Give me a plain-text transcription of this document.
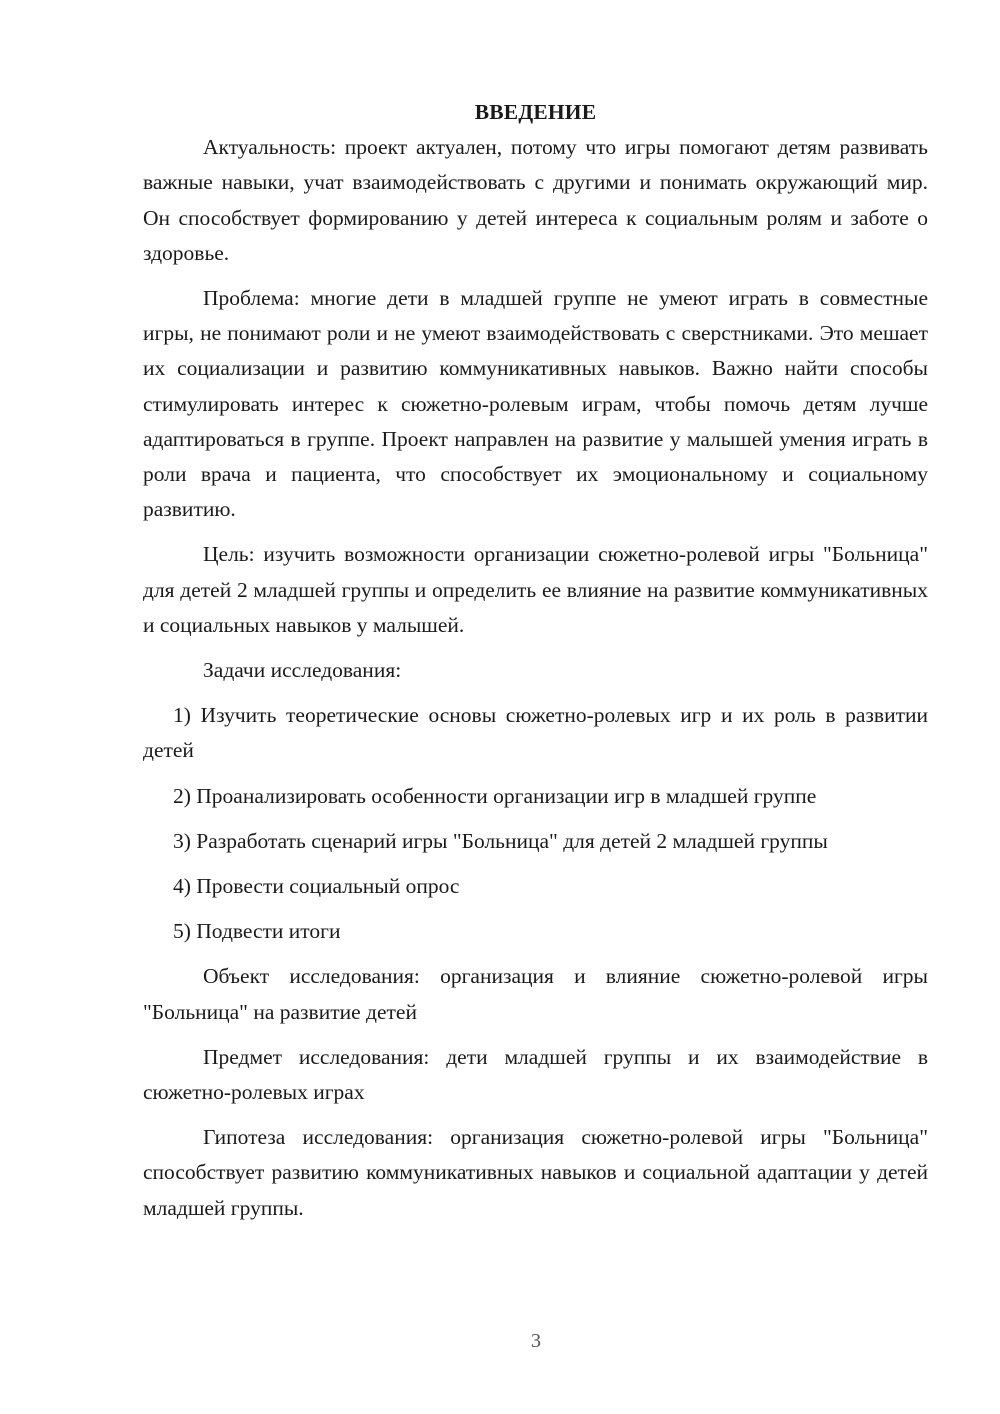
ВВЕДЕНИЕ

Актуальность: проект актуален, потому что игры помогают детям развивать важные навыки, учат взаимодействовать с другими и понимать окружающий мир. Он способствует формированию у детей интереса к социальным ролям и заботе о здоровье.

Проблема: многие дети в младшей группе не умеют играть в совместные игры, не понимают роли и не умеют взаимодействовать с сверстниками. Это мешает их социализации и развитию коммуникативных навыков. Важно найти способы стимулировать интерес к сюжетно-ролевым играм, чтобы помочь детям лучше адаптироваться в группе. Проект направлен на развитие у малышей умения играть в роли врача и пациента, что способствует их эмоциональному и социальному развитию.

Цель: изучить возможности организации сюжетно-ролевой игры "Больница" для детей 2 младшей группы и определить ее влияние на развитие коммуникативных и социальных навыков у малышей.

Задачи исследования:

1) Изучить теоретические основы сюжетно-ролевых игр и их роль в развитии детей

2) Проанализировать особенности организации игр в младшей группе

3) Разработать сценарий игры "Больница" для детей 2 младшей группы

4) Провести социальный опрос

5) Подвести итоги

Объект исследования: организация и влияние сюжетно-ролевой игры "Больница" на развитие детей

Предмет исследования: дети младшей группы и их взаимодействие в сюжетно-ролевых играх

Гипотеза исследования: организация сюжетно-ролевой игры "Больница" способствует развитию коммуникативных навыков и социальной адаптации у детей младшей группы.

3
